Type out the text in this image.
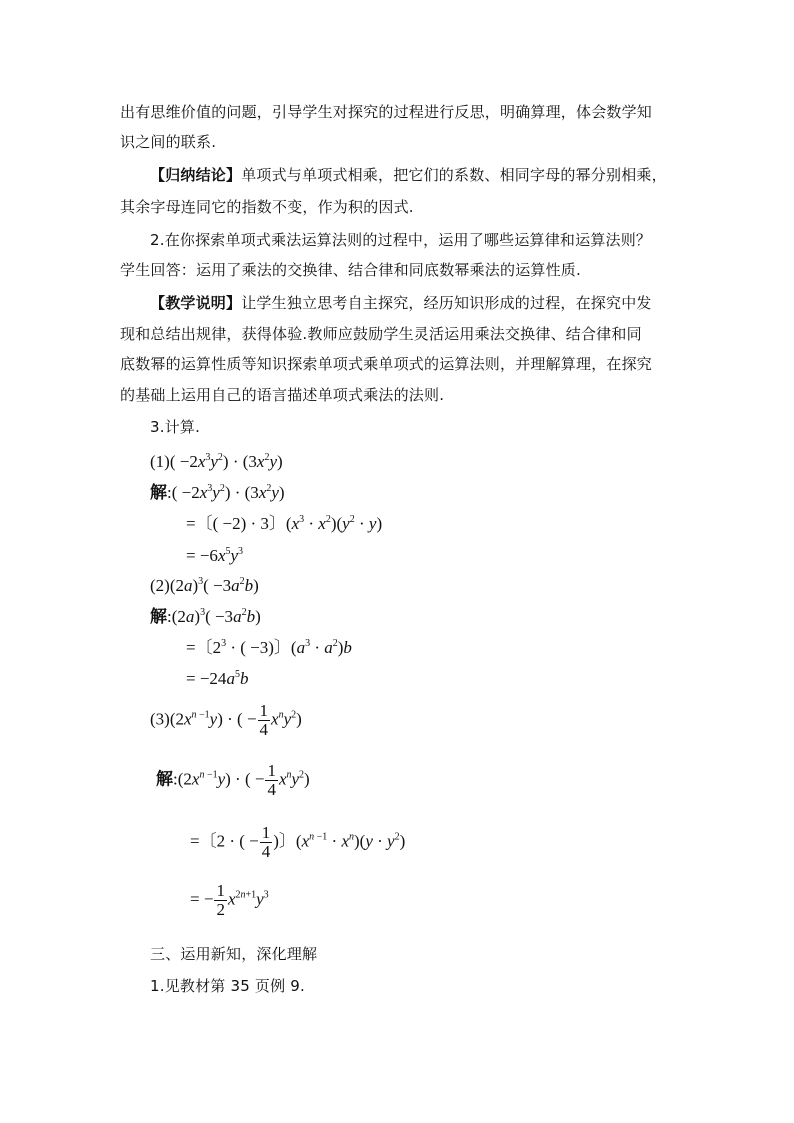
出有思维价值的问题，引导学生对探究的过程进行反思，明确算理，体会数学知
识之间的联系.
【归纳结论】单项式与单项式相乘，把它们的系数、相同字母的幂分别相乘，
其余字母连同它的指数不变，作为积的因式.
2.在你探索单项式乘法运算法则的过程中，运用了哪些运算律和运算法则？
学生回答：运用了乘法的交换律、结合律和同底数幂乘法的运算性质.
【教学说明】让学生独立思考自主探究，经历知识形成的过程，在探究中发
现和总结出规律，获得体验.教师应鼓励学生灵活运用乘法交换律、结合律和同
底数幂的运算性质等知识探索单项式乘单项式的运算法则，并理解算理，在探究
的基础上运用自己的语言描述单项式乘法的法则.
3.计算.
$(1)( -2x^3y^2) \cdot (3x^2y)$
解:( $-2x^3y^2) \cdot (3x^2y)$
=〔( −2) · 3〕$(x^3 \cdot x^2)(y^2 \cdot y)$
= $-6x^5y^3$
$(2)(2a)^3( -3a^2b)$
解$:(2a)^3( -3a^2b)$
=〔$2^3$ · ( −3)〕$(a^3 \cdot a^2)b$
= $-24a^5b$
$(3)(2x^{n -1}y)$ · ( − $\frac{1}{4} x^ny^2$)
解$:(2x^{n -1}y)$ · ( − $\frac{1}{4} x^ny^2$)
=〔2 · ( − $\frac{1}{4}$ )〕$(x^{n -1} \cdot x^n)(y \cdot y^2)$
= − $\frac{1}{2} x^{2n+1}y^3$
三、运用新知，深化理解
1.见教材第 35 页例 9.
